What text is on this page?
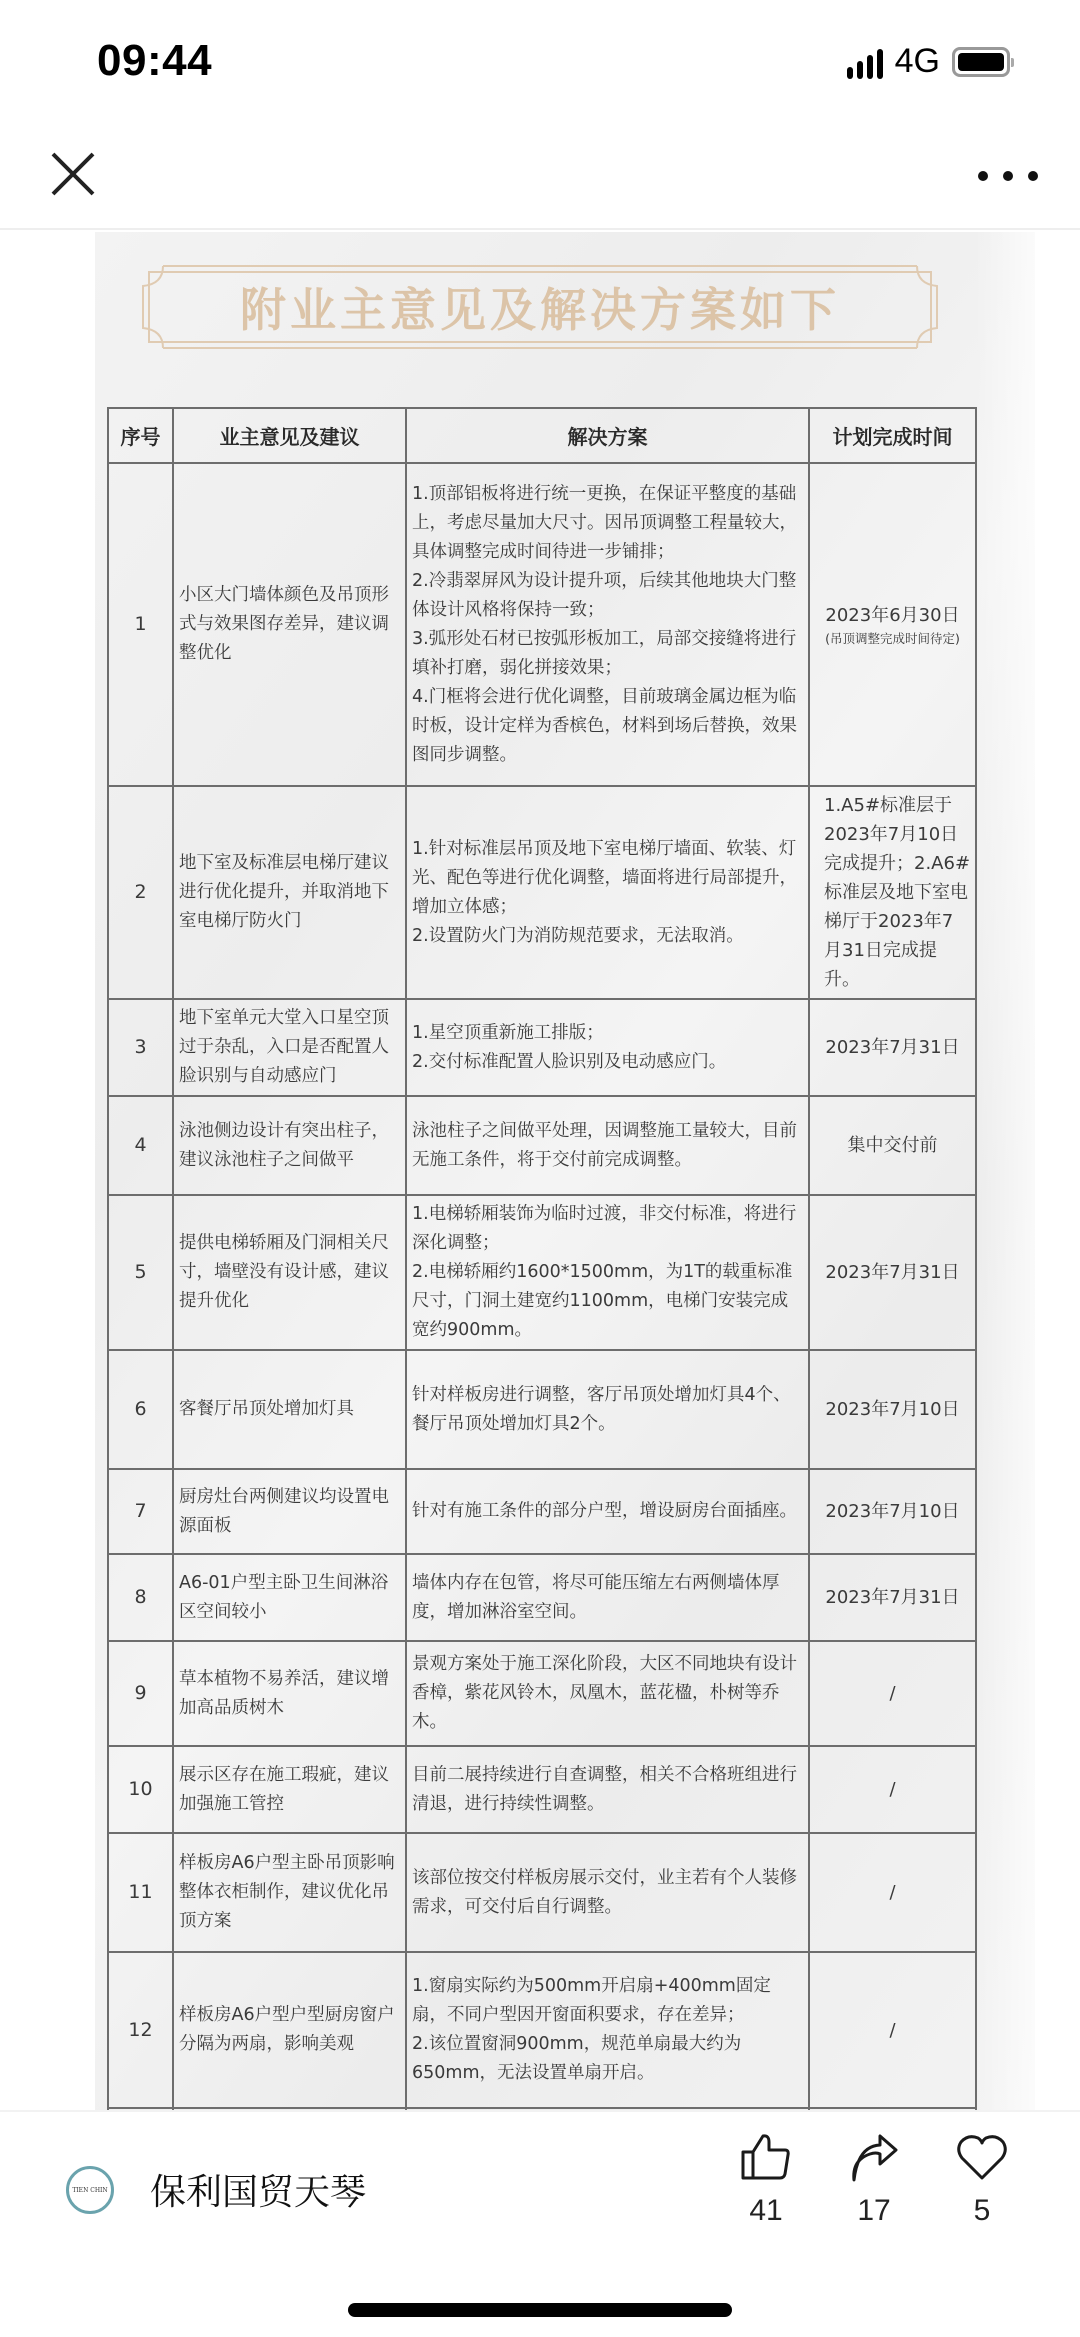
09:44	4G
附业主意见及解决方案如下
序号	业主意见及建议	解决方案	计划完成时间
1	小区大门墙体颜色及吊顶形式与效果图存差异，建议调整优化	1.顶部铝板将进行统一更换，在保证平整度的基础上，考虑尽量加大尺寸。因吊顶调整工程量较大，具体调整完成时间待进一步铺排；
2.冷翡翠屏风为设计提升项，后续其他地块大门整体设计风格将保持一致；
3.弧形处石材已按弧形板加工，局部交接缝将进行填补打磨，弱化拼接效果；
4.门框将会进行优化调整，目前玻璃金属边框为临时板，设计定样为香槟色，材料到场后替换，效果图同步调整。	2023年6月30日
(吊顶调整完成时间待定)

2	地下室及标准层电梯厅建议进行优化提升，并取消地下室电梯厅防火门	1.针对标准层吊顶及地下室电梯厅墙面、软装、灯光、配色等进行优化调整，墙面将进行局部提升，增加立体感；
2.设置防火门为消防规范要求，无法取消。	1.A5#标准层于2023年7月10日完成提升；2.A6#标准层及地下室电梯厅于2023年7月31日完成提升。
3	地下室单元大堂入口星空顶过于杂乱，入口是否配置人脸识别与自动感应门	1.星空顶重新施工排版；
2.交付标准配置人脸识别及电动感应门。	2023年7月31日
4	泳池侧边设计有突出柱子，建议泳池柱子之间做平	泳池柱子之间做平处理，因调整施工量较大，目前无施工条件，将于交付前完成调整。	集中交付前
5	提供电梯轿厢及门洞相关尺寸，墙壁没有设计感，建议提升优化	1.电梯轿厢装饰为临时过渡，非交付标准，将进行深化调整；
2.电梯轿厢约1600*1500mm，为1T的载重标准尺寸，门洞土建宽约1100mm，电梯门安装完成宽约900mm。	2023年7月31日
6	客餐厅吊顶处增加灯具	针对样板房进行调整，客厅吊顶处增加灯具4个、餐厅吊顶处增加灯具2个。	2023年7月10日
7	厨房灶台两侧建议均设置电源面板	针对有施工条件的部分户型，增设厨房台面插座。	2023年7月10日
8	A6-01户型主卧卫生间淋浴区空间较小	墙体内存在包管，将尽可能压缩左右两侧墙体厚度，增加淋浴室空间。	2023年7月31日
9	草本植物不易养活，建议增加高品质树木	景观方案处于施工深化阶段，大区不同地块有设计香樟，紫花风铃木，凤凰木，蓝花楹，朴树等乔木。	/
10	展示区存在施工瑕疵，建议加强施工管控	目前二展持续进行自查调整，相关不合格班组进行清退，进行持续性调整。	/
11	样板房A6户型主卧吊顶影响整体衣柜制作，建议优化吊顶方案	该部位按交付样板房展示交付，业主若有个人装修需求，可交付后自行调整。	/
12	样板房A6户型户型厨房窗户分隔为两扇，影响美观	1.窗扇实际约为500mm开启扇+400mm固定扇，不同户型因开窗面积要求，存在差异；
2.该位置窗洞900mm，规范单扇最大约为650mm，无法设置单扇开启。	/

TIEN CHIN 保利国贸天琴	41	17	5
